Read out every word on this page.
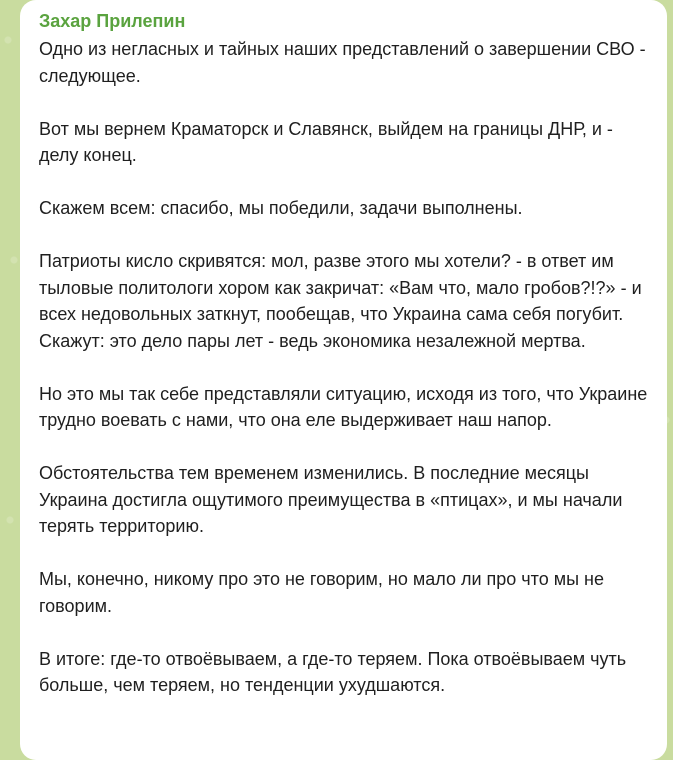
Захар Прилепин
Одно из негласных и тайных наших представлений о завершении СВО - следующее.
Вот мы вернем Краматорск и Славянск, выйдем на границы ДНР, и - делу конец.
Скажем всем: спасибо, мы победили, задачи выполнены.
Патриоты кисло скривятся: мол, разве этого мы хотели? - в ответ им тыловые политологи хором как закричат: «Вам что, мало гробов?!?» - и всех недовольных заткнут, пообещав, что Украина сама себя погубит. Скажут: это дело пары лет - ведь экономика незалежной мертва.
Но это мы так себе представляли ситуацию, исходя из того, что Украине трудно воевать с нами, что она еле выдерживает наш напор.
Обстоятельства тем временем изменились. В последние месяцы Украина достигла ощутимого преимущества в «птицах», и мы начали терять территорию.
Мы, конечно, никому про это не говорим, но мало ли про что мы не говорим.
В итоге: где-то отвоёвываем, а где-то теряем. Пока отвоёвываем чуть больше, чем теряем, но тенденции ухудшаются.
